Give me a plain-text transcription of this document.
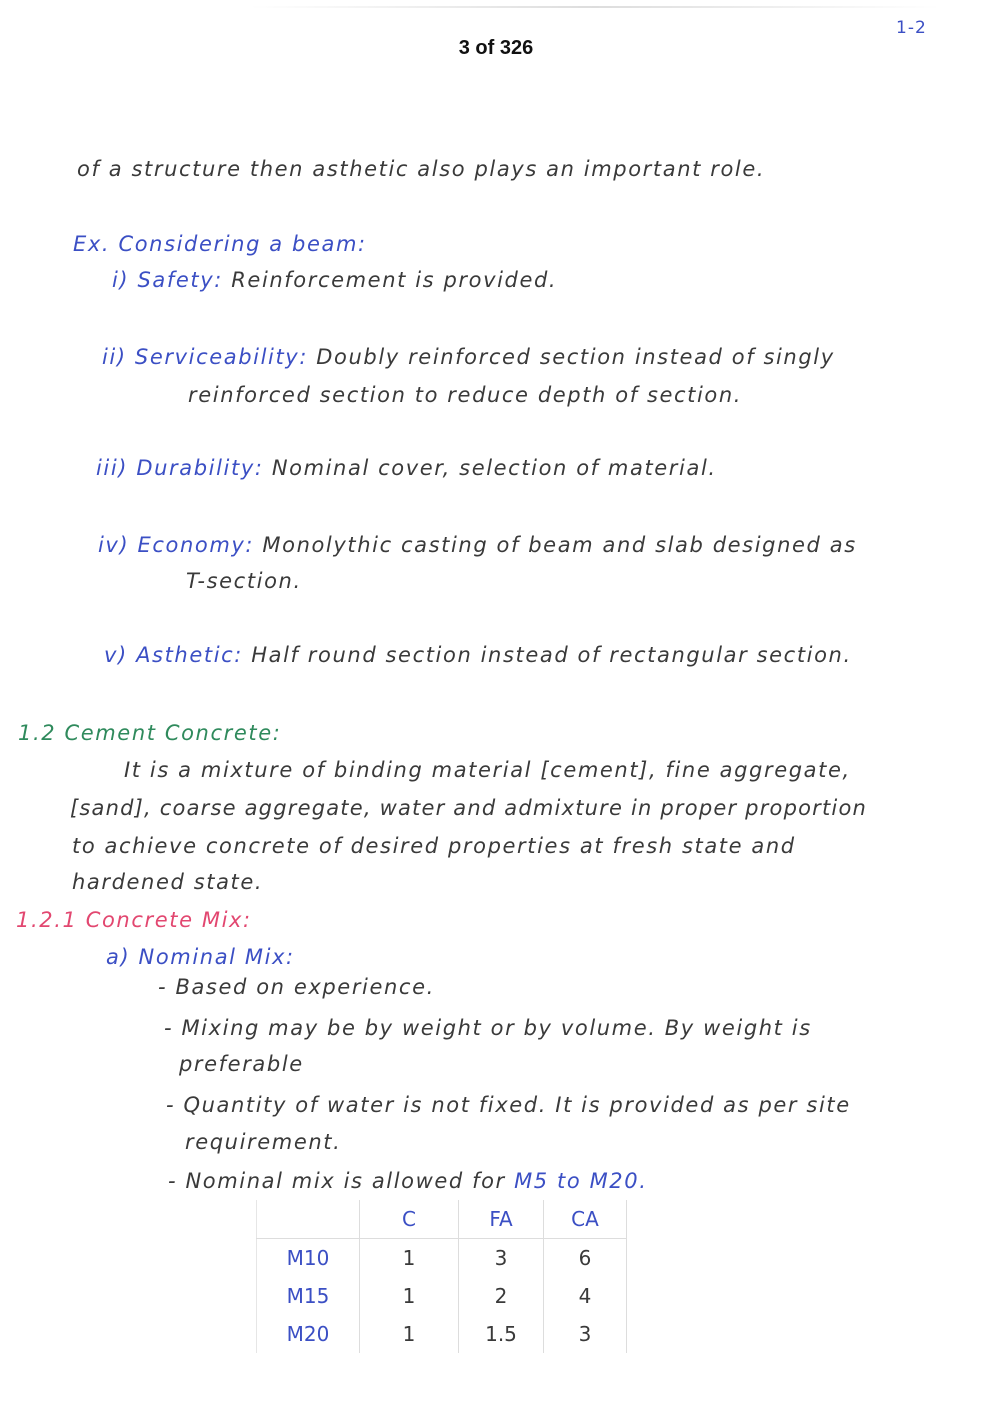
3 of 326
1-2
of a structure then asthetic also plays an important role.
Ex. Considering a beam:
i) Safety: Reinforcement is provided.
ii) Serviceability: Doubly reinforced section instead of singly
reinforced section to reduce depth of section.
iii) Durability: Nominal cover, selection of material.
iv) Economy: Monolythic casting of beam and slab designed as
T-section.
v) Asthetic: Half round section instead of rectangular section.
1.2 Cement Concrete:
It is a mixture of binding material [cement], fine aggregate,
[sand], coarse aggregate, water and admixture in proper proportion
to achieve concrete of desired properties at fresh state and
hardened state.
1.2.1 Concrete Mix:
a) Nominal Mix:
- Based on experience.
- Mixing may be by weight or by volume. By weight is
preferable
- Quantity of water is not fixed. It is provided as per site
requirement.
- Nominal mix is allowed for M5 to M20.
	C	FA	CA
M10	1	3	6
M15	1	2	4
M20	1	1.5	3
